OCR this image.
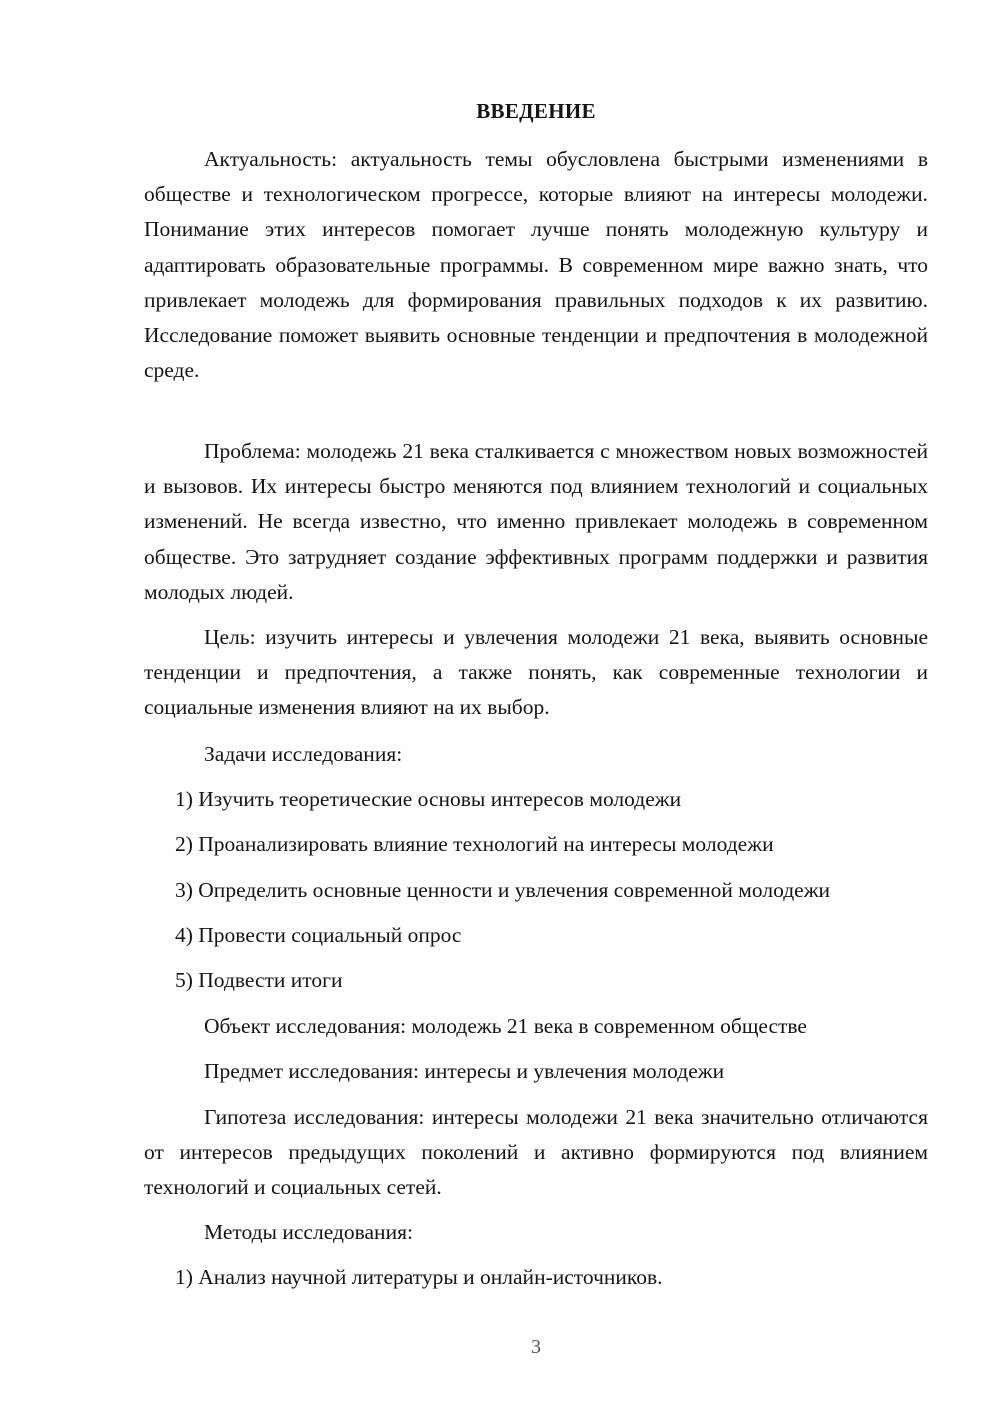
ВВЕДЕНИЕ

Актуальность: актуальность темы обусловлена быстрыми изменениями в обществе и технологическом прогрессе, которые влияют на интересы молодежи. Понимание этих интересов помогает лучше понять молодежную культуру и адаптировать образовательные программы. В современном мире важно знать, что привлекает молодежь для формирования правильных подходов к их развитию. Исследование поможет выявить основные тенденции и предпочтения в молодежной среде.

Проблема: молодежь 21 века сталкивается с множеством новых возможностей и вызовов. Их интересы быстро меняются под влиянием технологий и социальных изменений. Не всегда известно, что именно привлекает молодежь в современном обществе. Это затрудняет создание эффективных программ поддержки и развития молодых людей.

Цель: изучить интересы и увлечения молодежи 21 века, выявить основные тенденции и предпочтения, а также понять, как современные технологии и социальные изменения влияют на их выбор.

Задачи исследования:
1) Изучить теоретические основы интересов молодежи
2) Проанализировать влияние технологий на интересы молодежи
3) Определить основные ценности и увлечения современной молодежи
4) Провести социальный опрос
5) Подвести итоги
Объект исследования: молодежь 21 века в современном обществе
Предмет исследования: интересы и увлечения молодежи

Гипотеза исследования: интересы молодежи 21 века значительно отличаются от интересов предыдущих поколений и активно формируются под влиянием технологий и социальных сетей.

Методы исследования:
1) Анализ научной литературы и онлайн-источников.
3
